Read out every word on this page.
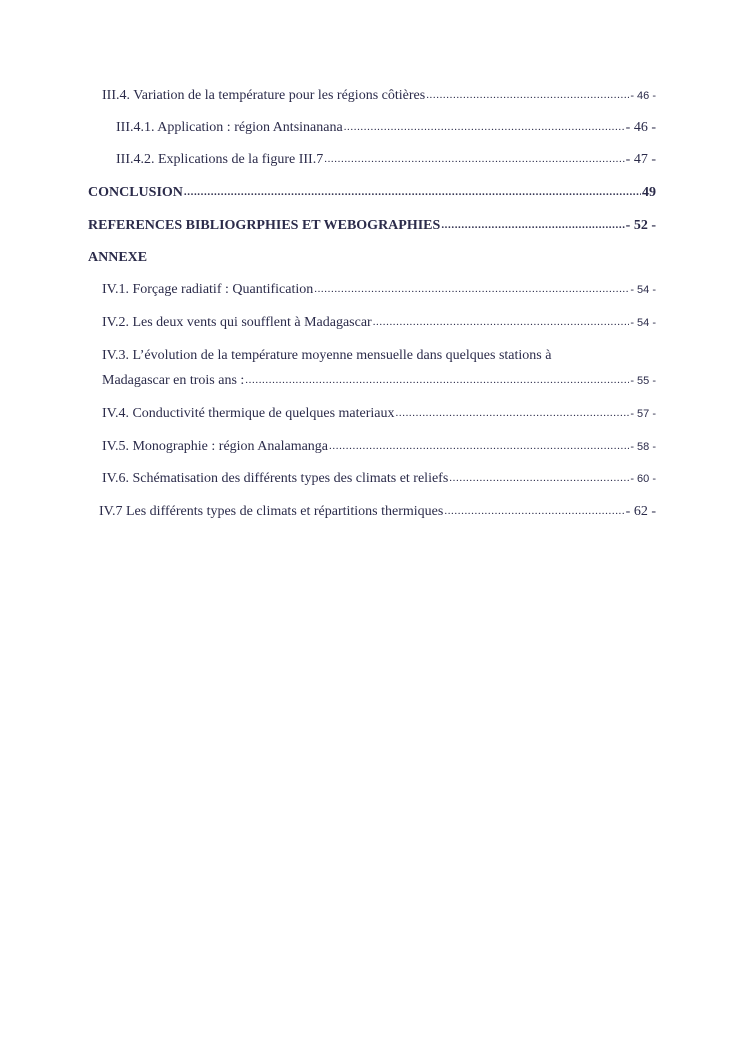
III.4. Variation de la température pour les régions côtières .....	- 46 -
III.4.1. Application : région Antsinanana .....	- 46 -
III.4.2. Explications de la figure III.7 .....	- 47 -
CONCLUSION .....	49
REFERENCES BIBLIOGRPHIES ET WEBOGRAPHIES .....	- 52 -
ANNEXE
IV.1. Forçage radiatif : Quantification .....	- 54 -
IV.2. Les deux vents qui soufflent à Madagascar .....	- 54 -
IV.3. L’évolution de la température moyenne mensuelle dans quelques stations à
Madagascar en trois ans : .....	- 55 -
IV.4. Conductivité thermique de quelques materiaux .....	- 57 -
IV.5. Monographie : région Analamanga .....	- 58 -
IV.6. Schématisation des différents types des climats et reliefs .....	- 60 -
IV.7 Les différents types de climats et répartitions thermiques .....	- 62 -
